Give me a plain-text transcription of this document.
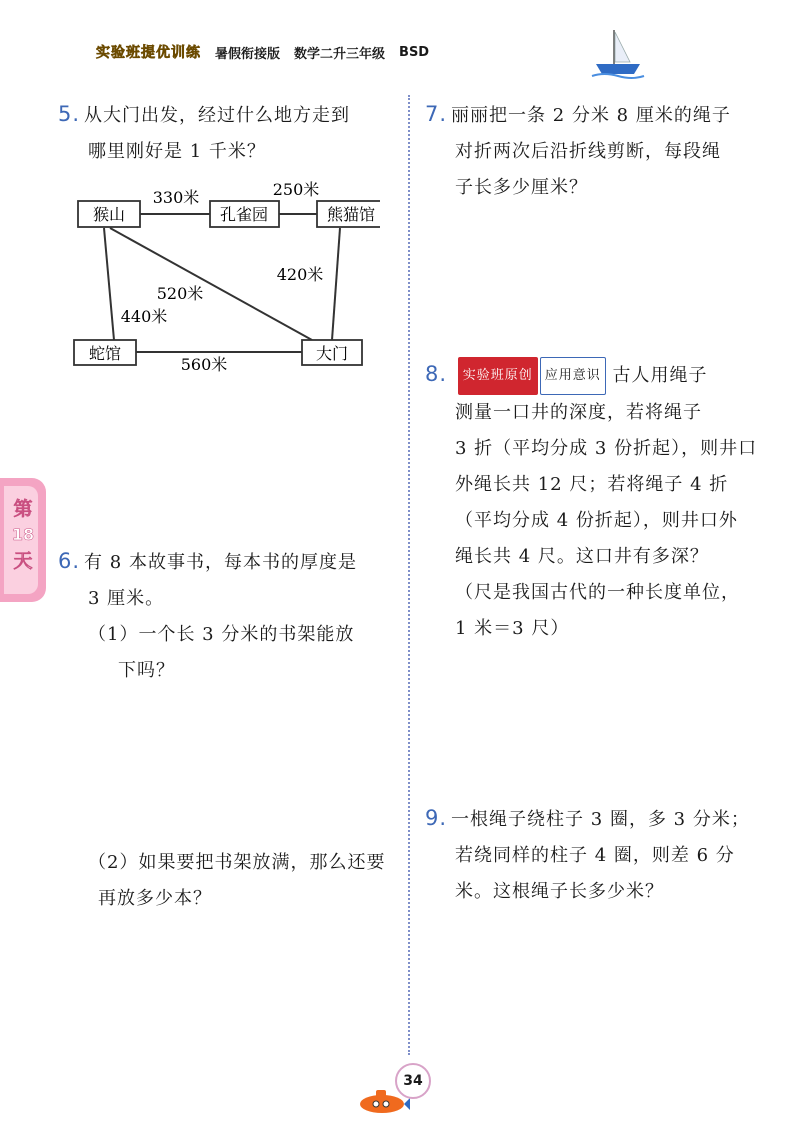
实验班提优训练 暑假衔接版 数学二升三年级 BSD
第
18
天
5. 从大门出发，经过什么地方走到
哪里刚好是 1 千米？
猴山	孔雀园	熊猫馆
蛇馆	大门
330米	250米
420米
520米
440米
560米
6. 有 8 本故事书，每本书的厚度是
3 厘米。
（1）一个长 3 分米的书架能放
下吗？
（2）如果要把书架放满，那么还要
再放多少本？
7. 丽丽把一条 2 分米 8 厘米的绳子
对折两次后沿折线剪断，每段绳
子长多少厘米？
8.	实验班原创 应用意识 古人用绳子
测量一口井的深度，若将绳子
3 折（平均分成 3 份折起），则井口
外绳长共 12 尺；若将绳子 4 折
（平均分成 4 份折起），则井口外
绳长共 4 尺。这口井有多深？
（尺是我国古代的一种长度单位，
1 米＝3 尺）
9. 一根绳子绕柱子 3 圈，多 3 分米；
若绕同样的柱子 4 圈，则差 6 分
米。这根绳子长多少米？
34
